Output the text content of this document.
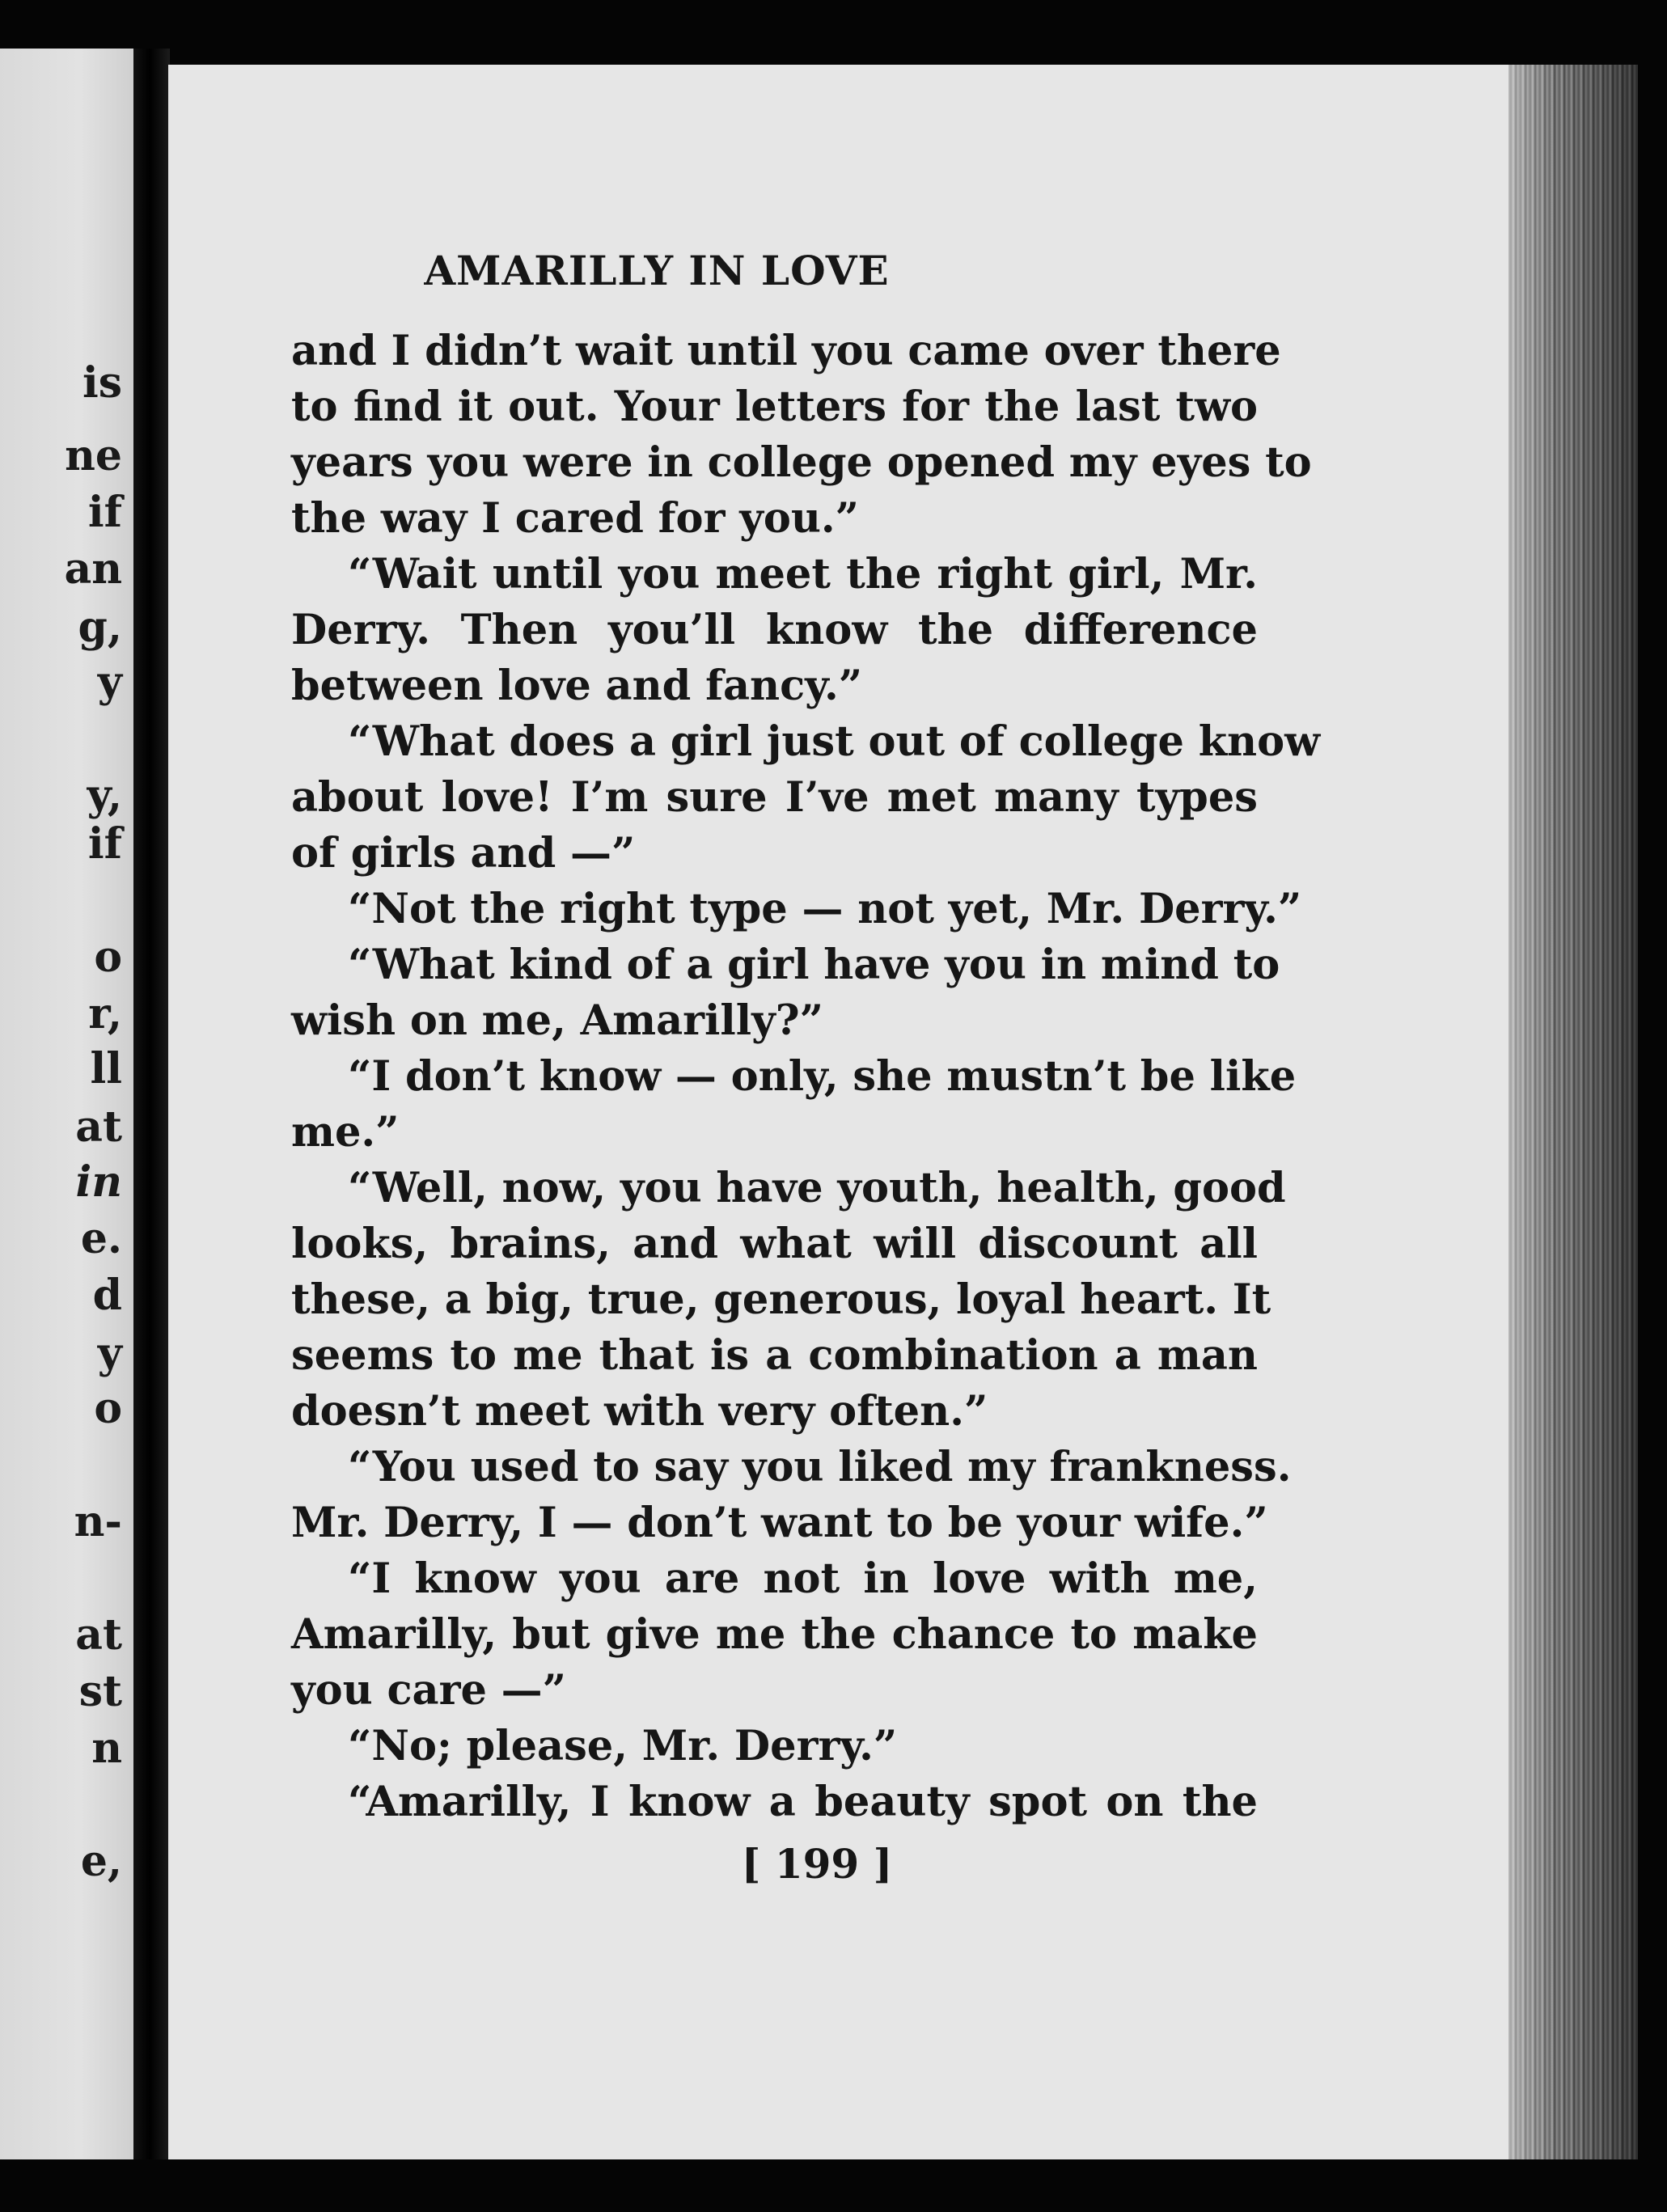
is
ne
if
an
g,
y
y,
if
o
r,
ll
at
in
e.
d
y
o
n-
at
st
n
e,
AMARILLY IN LOVE
and I didn’t wait until you came over there
to find it out. Your letters for the last two
years you were in college opened my eyes to
the way I cared for you.”
“Wait until you meet the right girl, Mr.
Derry. Then you’ll know the difference
between love and fancy.”
“What does a girl just out of college know
about love! I’m sure I’ve met many types
of girls and —”
“Not the right type — not yet, Mr. Derry.”
“What kind of a girl have you in mind to
wish on me, Amarilly?”
“I don’t know — only, she mustn’t be like
me.”
“Well, now, you have youth, health, good
looks, brains, and what will discount all
these, a big, true, generous, loyal heart. It
seems to me that is a combination a man
doesn’t meet with very often.”
“You used to say you liked my frankness.
Mr. Derry, I — don’t want to be your wife.”
“I know you are not in love with me,
Amarilly, but give me the chance to make
you care —”
“No; please, Mr. Derry.”
“Amarilly, I know a beauty spot on the
[ 199 ]
